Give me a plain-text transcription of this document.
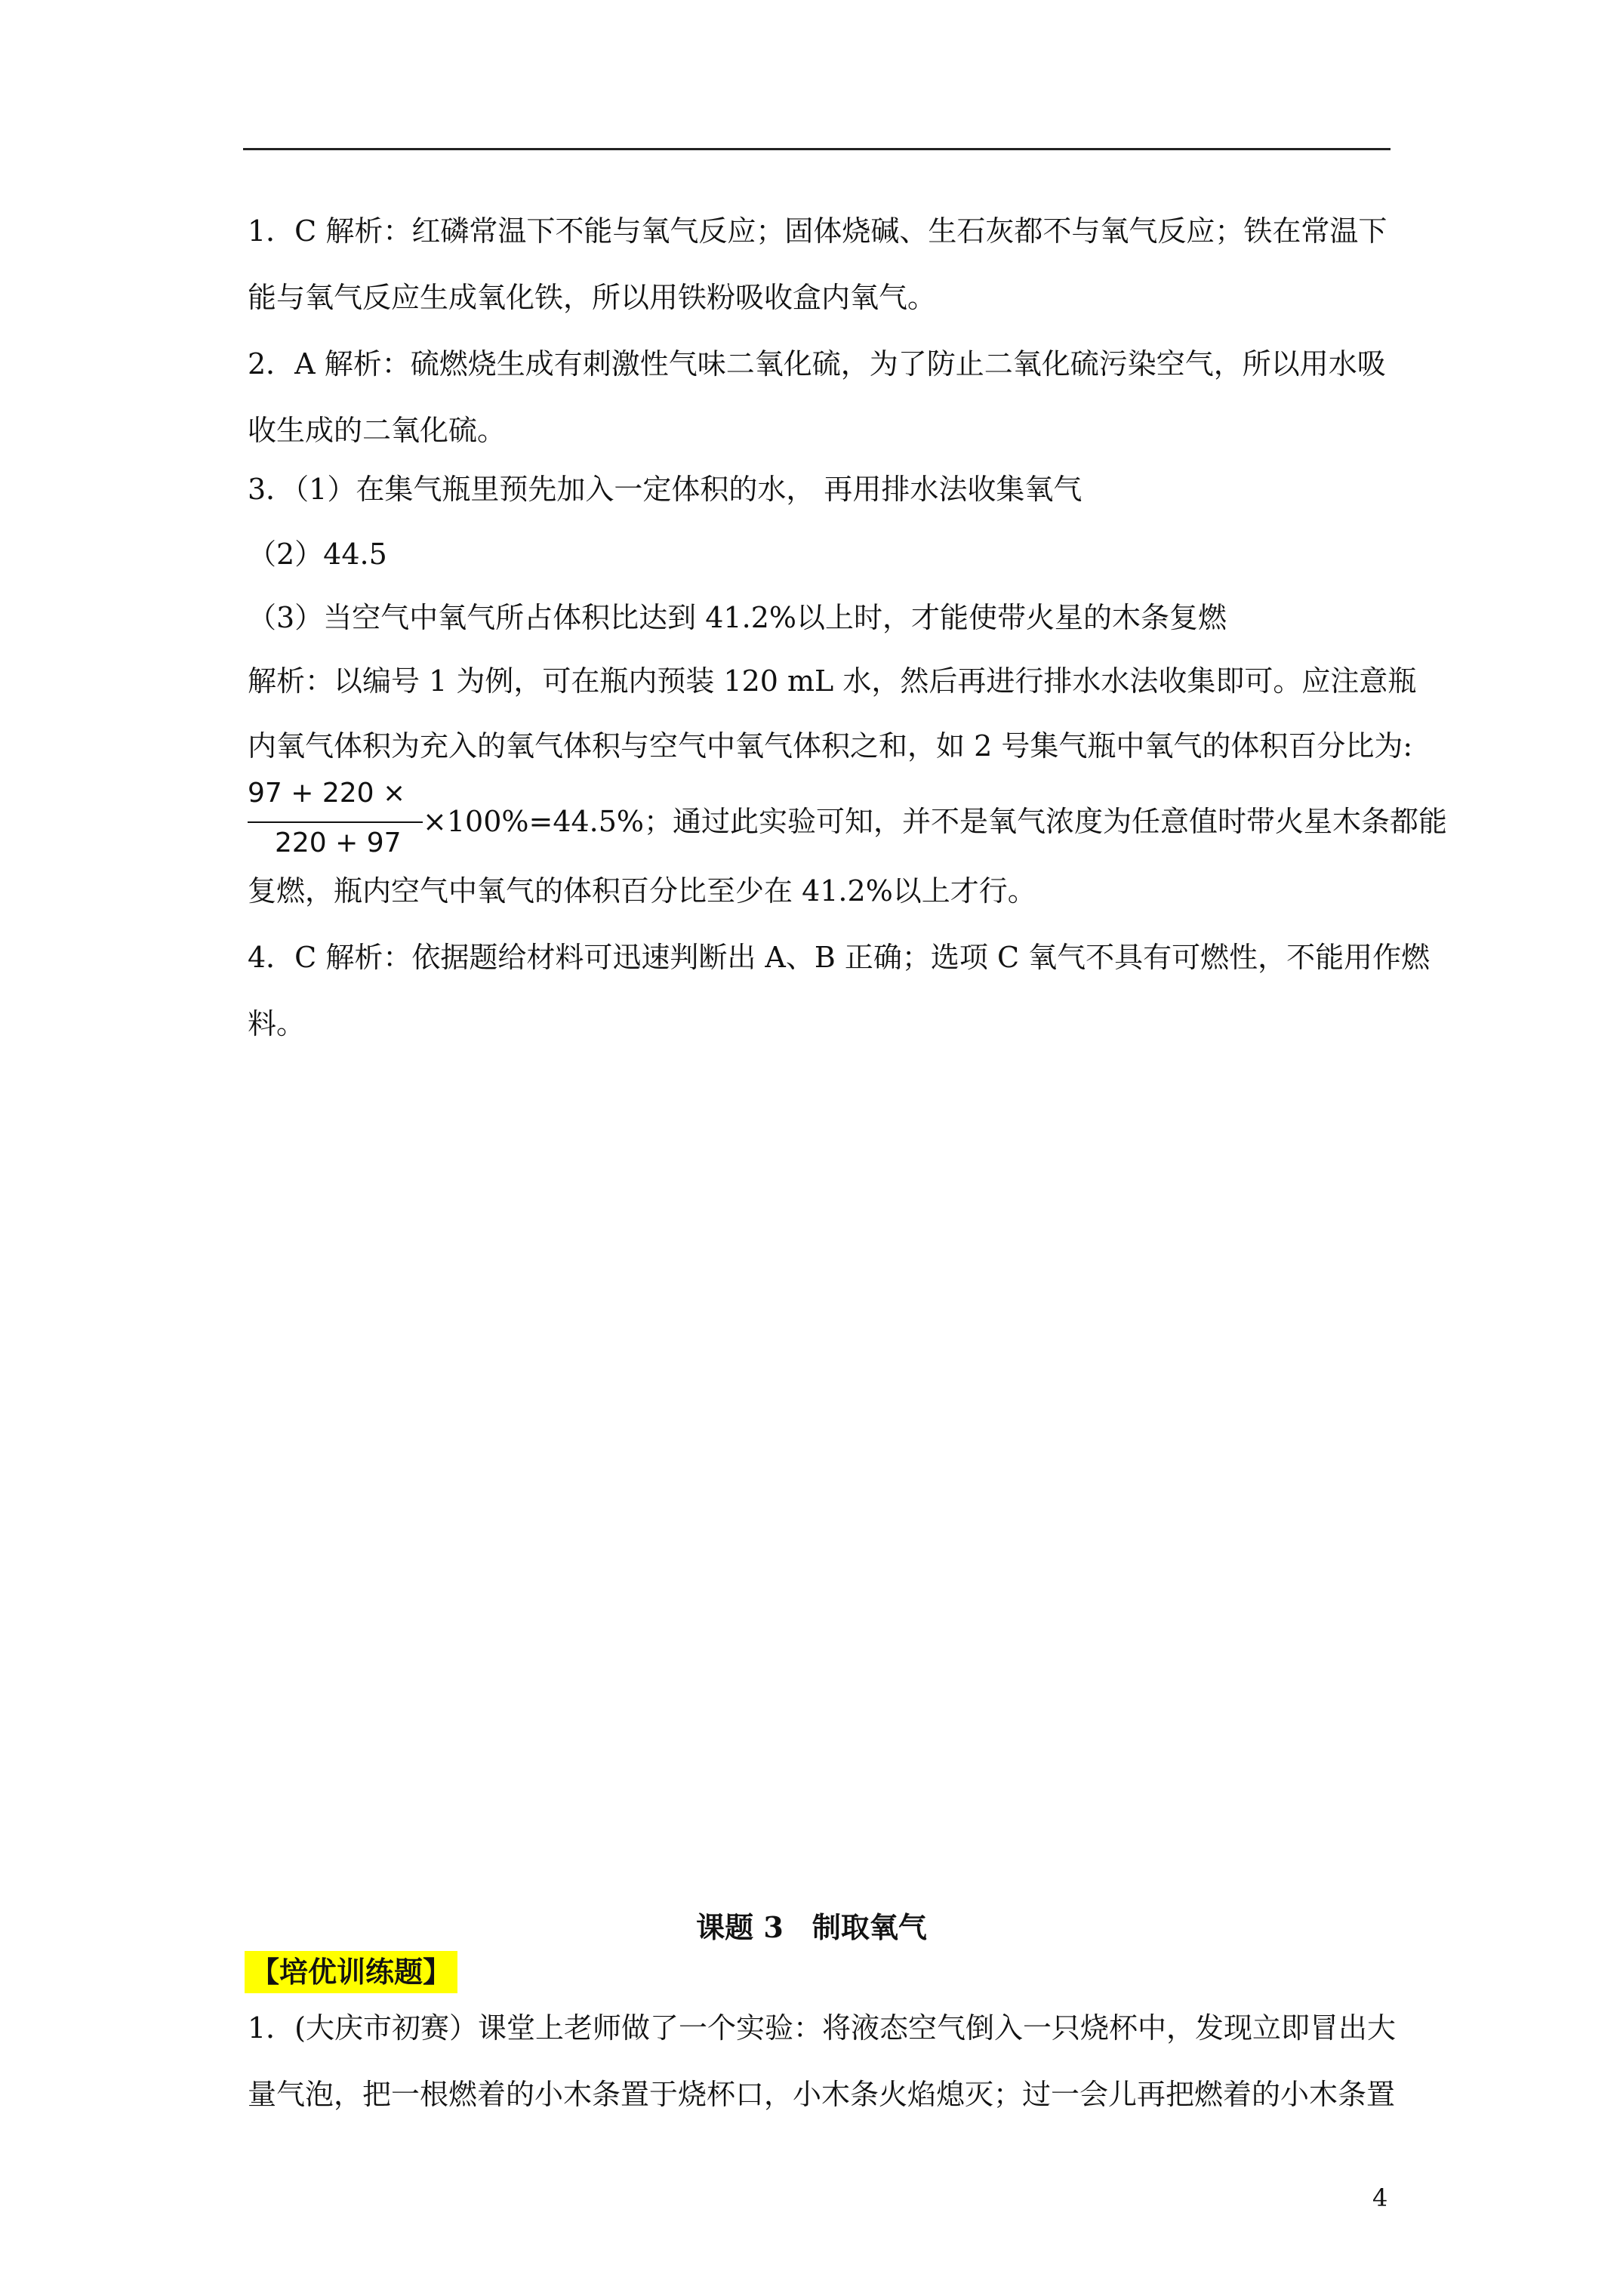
1．C 解析：红磷常温下不能与氧气反应；固体烧碱、生石灰都不与氧气反应；铁在常温下
能与氧气反应生成氧化铁，所以用铁粉吸收盒内氧气。
2．A 解析：硫燃烧生成有刺激性气味二氧化硫，为了防止二氧化硫污染空气，所以用水吸
收生成的二氧化硫。
3．（1）在集气瓶里预先加入一定体积的水， 再用排水法收集氧气
（2）44.5
（3）当空气中氧气所占体积比达到 41.2%以上时，才能使带火星的木条复燃
解析：以编号 1 为例，可在瓶内预装 120 mL 水，然后再进行排水水法收集即可。应注意瓶
内氧气体积为充入的氧气体积与空气中氧气体积之和，如 2 号集气瓶中氧气的体积百分比为:
97 + 220 ×
220 + 97
×100%=44.5%；通过此实验可知，并不是氧气浓度为任意值时带火星木条都能
复燃，瓶内空气中氧气的体积百分比至少在 41.2%以上才行。
4．C 解析：依据题给材料可迅速判断出 A、B 正确；选项 C 氧气不具有可燃性，不能用作燃
料。
课题 3　制取氧气
【培优训练题】
1．(大庆市初赛）课堂上老师做了一个实验：将液态空气倒入一只烧杯中，发现立即冒出大
量气泡，把一根燃着的小木条置于烧杯口，小木条火焰熄灭；过一会儿再把燃着的小木条置
4
